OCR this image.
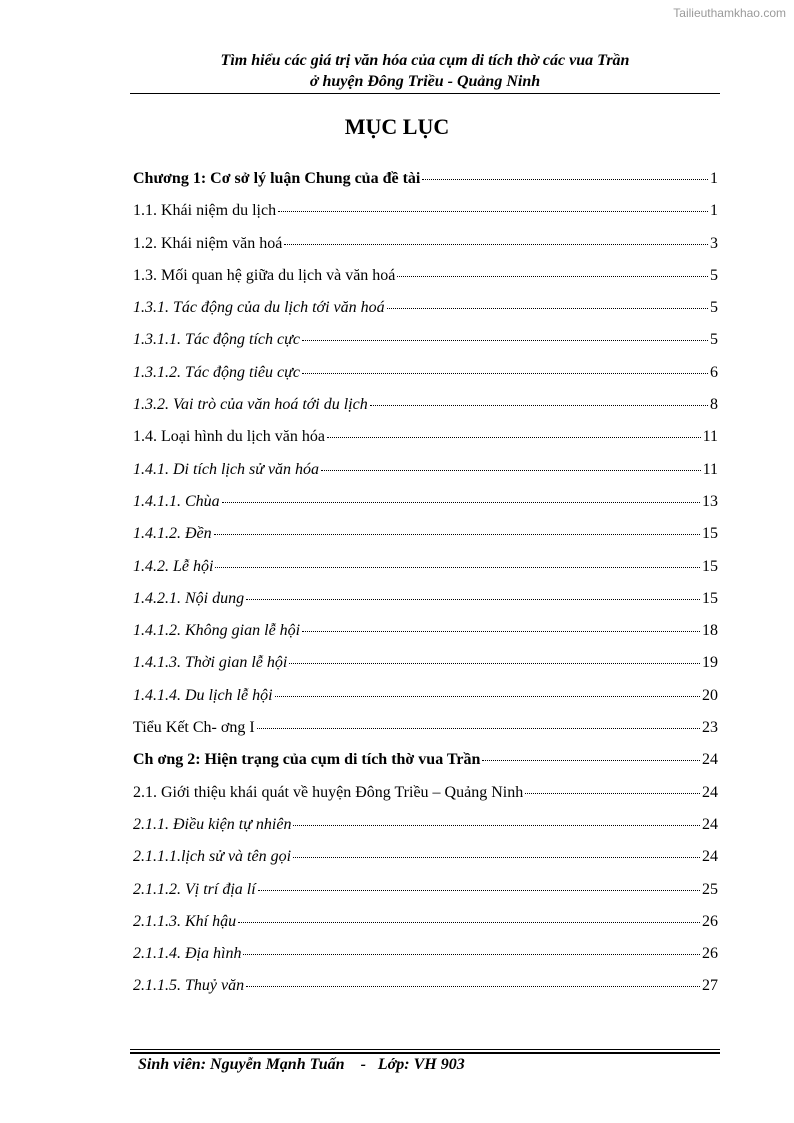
Tailieuthamkhao.com
Tìm hiểu các giá trị văn hóa của cụm di tích thờ các vua Trần
ở huyện Đông Triều - Quảng Ninh
MỤC LỤC
Chương 1: Cơ sở lý luận Chung của đề tài	1
1.1. Khái niệm du lịch	1
1.2. Khái niệm văn hoá	3
1.3. Mối quan hệ giữa du lịch và văn hoá	5
1.3.1. Tác động của du lịch tới văn hoá	5
1.3.1.1. Tác động tích cực	5
1.3.1.2. Tác động tiêu cực	6
1.3.2. Vai trò của văn hoá tới du lịch	8
1.4. Loại hình du lịch văn hóa	11
1.4.1. Di tích lịch sử văn hóa	11
1.4.1.1. Chùa	13
1.4.1.2. Đền	15
1.4.2. Lễ hội	15
1.4.2.1. Nội dung	15
1.4.1.2. Không gian lễ hội	18
1.4.1.3. Thời gian lễ hội	19
1.4.1.4. Du lịch lễ hội	20
Tiểu Kết Ch- ơng I	23
Ch ơng 2: Hiện trạng của cụm di tích thờ vua Trần	24
2.1. Giới thiệu khái quát về huyện Đông Triều – Quảng Ninh	24
2.1.1. Điều kiện tự nhiên	24
2.1.1.1.lịch sử và tên gọi	24
2.1.1.2. Vị trí địa lí	25
2.1.1.3. Khí hậu	26
2.1.1.4. Địa hình	26
2.1.1.5. Thuỷ văn	27
Sinh viên: Nguyễn Mạnh Tuấn    -   Lớp: VH 903
